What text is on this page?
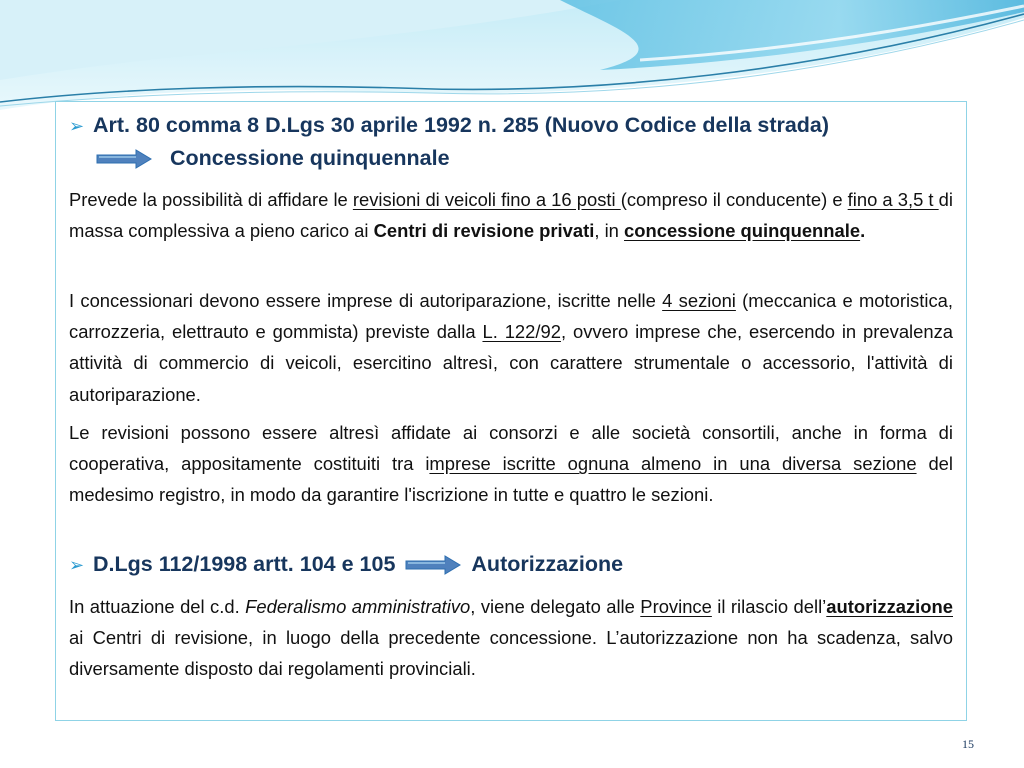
➢ Art. 80 comma 8 D.Lgs 30 aprile 1992 n. 285 (Nuovo Codice della strada)
Concessione quinquennale

Prevede la possibilità di affidare le revisioni di veicoli fino a 16 posti (compreso il conducente) e fino a 3,5 t di massa complessiva a pieno carico ai Centri di revisione privati, in concessione quinquennale.

I concessionari devono essere imprese di autoriparazione, iscritte nelle 4 sezioni (meccanica e motoristica, carrozzeria, elettrauto e gommista) previste dalla L. 122/92, ovvero imprese che, esercendo in prevalenza attività di commercio di veicoli, esercitino altresì, con carattere strumentale o accessorio, l'attività di autoriparazione.

Le revisioni possono essere altresì affidate ai consorzi e alle società consortili, anche in forma di cooperativa, appositamente costituiti tra imprese iscritte ognuna almeno in una diversa sezione del medesimo registro, in modo da garantire l'iscrizione in tutte e quattro le sezioni.

➢ D.Lgs 112/1998 artt. 104 e 105	Autorizzazione

In attuazione del c.d. Federalismo amministrativo, viene delegato alle Province il rilascio dell’autorizzazione ai Centri di revisione, in luogo della precedente concessione. L’autorizzazione non ha scadenza, salvo diversamente disposto dai regolamenti provinciali.

15
